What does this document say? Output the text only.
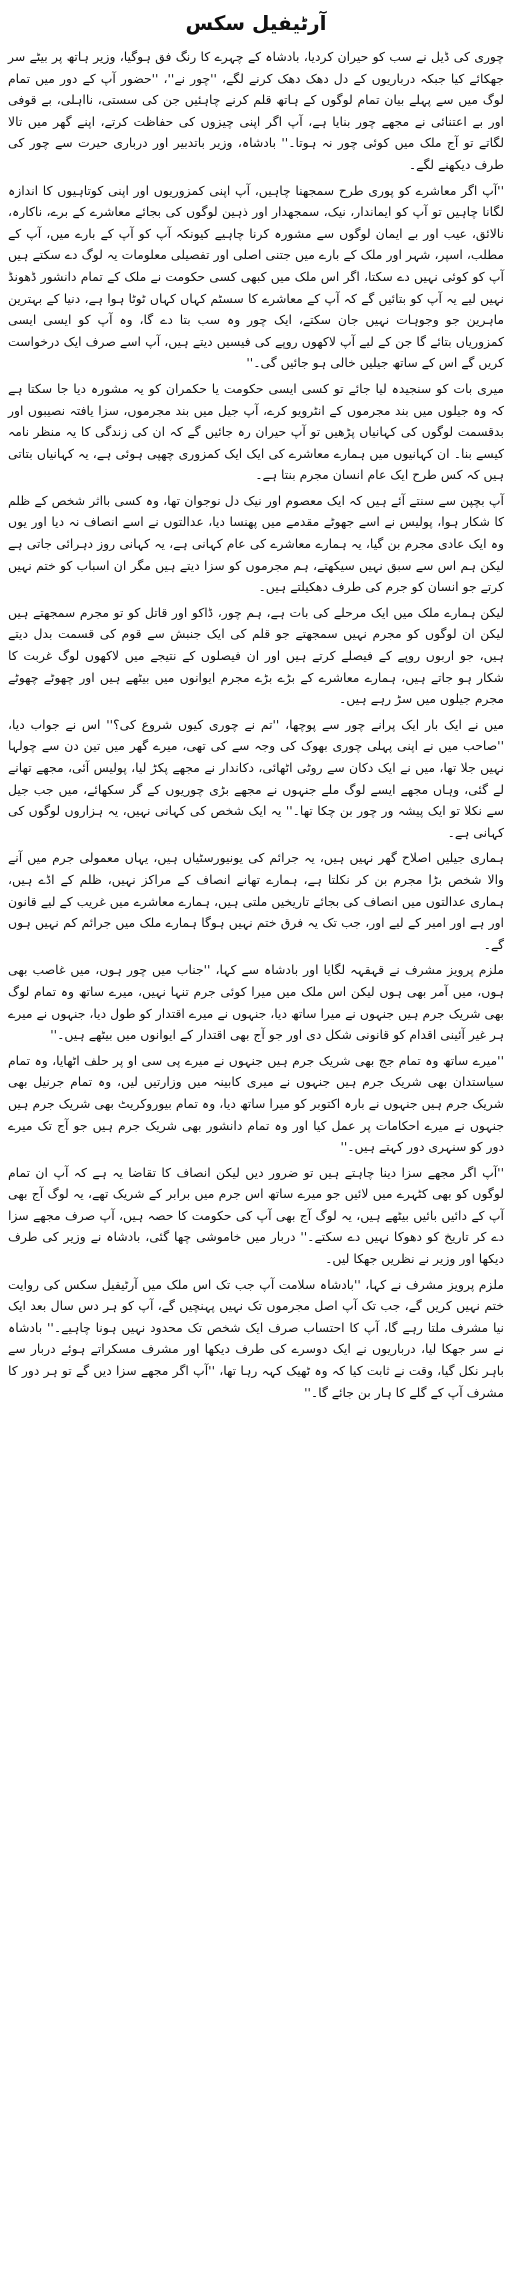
آرٹیفیل سکس
چوری کی ڈیل نے سب کو حیران کردیا، بادشاہ کے چہرے کا رنگ فق ہوگیا، وزیر ہاتھ پر بیٹے سر جھکائے کیا جبکہ درباریوں کے دل دھک دھک کرنے لگے، ''چور نے''، ''حضور آپ کے دور میں تمام لوگ میں سے پہلے بیان تمام لوگوں کے ہاتھ قلم کرنے چاہئیں جن کی سستی، نااہلی، بے قوفی اور بے اعتنائی نے مجھے چور بنایا ہے، آپ اگر اپنی چیزوں کی حفاظت کرتے، اپنے گھر میں تالا لگاتے تو آج ملک میں کوئی چور نہ ہوتا۔'' بادشاہ، وزیر باتدبیر اور درباری حیرت سے چور کی طرف دیکھنے لگے۔
''آپ اگر معاشرے کو پوری طرح سمجھنا چاہیں، آپ اپنی کمزوریوں اور اپنی کوتاہیوں کا اندازہ لگانا چاہیں تو آپ کو ایماندار، نیک، سمجھدار اور ذہین لوگوں کی بجائے معاشرے کے برے، ناکارہ، نالائق، عیب اور بے ایمان لوگوں سے مشورہ کرنا چاہیے کیونکہ آپ کو آپ کے بارے میں، آپ کے مطلب، اسپر، شہر اور ملک کے بارے میں جتنی اصلی اور تفصیلی معلومات یہ لوگ دے سکتے ہیں آپ کو کوئی نہیں دے سکتا، اگر اس ملک میں کبھی کسی حکومت نے ملک کے تمام دانشور ڈھونڈ نہیں لیے یہ آپ کو بتائیں گے کہ آپ کے معاشرے کا سسٹم کہاں کہاں ٹوٹا ہوا ہے، دنیا کے بہترین ماہرین جو وجوہات نہیں جان سکتے، ایک چور وہ سب بتا دے گا، وہ آپ کو ایسی ایسی کمزوریاں بتائے گا جن کے لیے آپ لاکھوں روپے کی فیسیں دیتے ہیں، آپ اسے صرف ایک درخواست کریں گے اس کے ساتھ جیلیں خالی ہو جائیں گی۔''
میری بات کو سنجیدہ لیا جائے تو کسی ایسی حکومت یا حکمران کو یہ مشورہ دیا جا سکتا ہے کہ وہ جیلوں میں بند مجرموں کے انٹرویو کرے، آپ جیل میں بند مجرموں، سزا یافتہ نصیبوں اور بدقسمت لوگوں کی کہانیاں پڑھیں تو آپ حیران رہ جائیں گے کہ ان کی زندگی کا یہ منظر نامہ کیسے بنا۔ ان کہانیوں میں ہمارے معاشرے کی ایک ایک کمزوری چھپی ہوئی ہے، یہ کہانیاں بتاتی ہیں کہ کس طرح ایک عام انسان مجرم بنتا ہے۔
آپ بچپن سے سنتے آئے ہیں کہ ایک معصوم اور نیک دل نوجوان تھا، وہ کسی بااثر شخص کے ظلم کا شکار ہوا، پولیس نے اسے جھوٹے مقدمے میں پھنسا دیا، عدالتوں نے اسے انصاف نہ دیا اور یوں وہ ایک عادی مجرم بن گیا، یہ ہمارے معاشرے کی عام کہانی ہے، یہ کہانی روز دہرائی جاتی ہے لیکن ہم اس سے سبق نہیں سیکھتے، ہم مجرموں کو سزا دیتے ہیں مگر ان اسباب کو ختم نہیں کرتے جو انسان کو جرم کی طرف دھکیلتے ہیں۔
لیکن ہمارے ملک میں ایک مرحلے کی بات ہے، ہم چور، ڈاکو اور قاتل کو تو مجرم سمجھتے ہیں لیکن ان لوگوں کو مجرم نہیں سمجھتے جو قلم کی ایک جنبش سے قوم کی قسمت بدل دیتے ہیں، جو اربوں روپے کے فیصلے کرتے ہیں اور ان فیصلوں کے نتیجے میں لاکھوں لوگ غربت کا شکار ہو جاتے ہیں، ہمارے معاشرے کے بڑے بڑے مجرم ایوانوں میں بیٹھے ہیں اور چھوٹے چھوٹے مجرم جیلوں میں سڑ رہے ہیں۔
میں نے ایک بار ایک پرانے چور سے پوچھا، ''تم نے چوری کیوں شروع کی؟'' اس نے جواب دیا، ''صاحب میں نے اپنی پہلی چوری بھوک کی وجہ سے کی تھی، میرے گھر میں تین دن سے چولہا نہیں جلا تھا، میں نے ایک دکان سے روٹی اٹھائی، دکاندار نے مجھے پکڑ لیا، پولیس آئی، مجھے تھانے لے گئی، وہاں مجھے ایسے لوگ ملے جنہوں نے مجھے بڑی چوریوں کے گر سکھائے، میں جب جیل سے نکلا تو ایک پیشہ ور چور بن چکا تھا۔'' یہ ایک شخص کی کہانی نہیں، یہ ہزاروں لوگوں کی کہانی ہے۔
ہماری جیلیں اصلاح گھر نہیں ہیں، یہ جرائم کی یونیورسٹیاں ہیں، یہاں معمولی جرم میں آنے والا شخص بڑا مجرم بن کر نکلتا ہے، ہمارے تھانے انصاف کے مراکز نہیں، ظلم کے اڈے ہیں، ہماری عدالتوں میں انصاف کی بجائے تاریخیں ملتی ہیں، ہمارے معاشرے میں غریب کے لیے قانون اور ہے اور امیر کے لیے اور، جب تک یہ فرق ختم نہیں ہوگا ہمارے ملک میں جرائم کم نہیں ہوں گے۔
ملزم پرویز مشرف نے قہقہہ لگایا اور بادشاہ سے کہا، ''جناب میں چور ہوں، میں غاصب بھی ہوں، میں آمر بھی ہوں لیکن اس ملک میں میرا کوئی جرم تنہا نہیں، میرے ساتھ وہ تمام لوگ بھی شریک جرم ہیں جنہوں نے میرا ساتھ دیا، جنہوں نے میرے اقتدار کو طول دیا، جنہوں نے میرے ہر غیر آئینی اقدام کو قانونی شکل دی اور جو آج بھی اقتدار کے ایوانوں میں بیٹھے ہیں۔''
''میرے ساتھ وہ تمام جج بھی شریک جرم ہیں جنہوں نے میرے پی سی او پر حلف اٹھایا، وہ تمام سیاستدان بھی شریک جرم ہیں جنہوں نے میری کابینہ میں وزارتیں لیں، وہ تمام جرنیل بھی شریک جرم ہیں جنہوں نے بارہ اکتوبر کو میرا ساتھ دیا، وہ تمام بیوروکریٹ بھی شریک جرم ہیں جنہوں نے میرے احکامات پر عمل کیا اور وہ تمام دانشور بھی شریک جرم ہیں جو آج تک میرے دور کو سنہری دور کہتے ہیں۔''
''آپ اگر مجھے سزا دینا چاہتے ہیں تو ضرور دیں لیکن انصاف کا تقاضا یہ ہے کہ آپ ان تمام لوگوں کو بھی کٹہرے میں لائیں جو میرے ساتھ اس جرم میں برابر کے شریک تھے، یہ لوگ آج بھی آپ کے دائیں بائیں بیٹھے ہیں، یہ لوگ آج بھی آپ کی حکومت کا حصہ ہیں، آپ صرف مجھے سزا دے کر تاریخ کو دھوکا نہیں دے سکتے۔'' دربار میں خاموشی چھا گئی، بادشاہ نے وزیر کی طرف دیکھا اور وزیر نے نظریں جھکا لیں۔
ملزم پرویز مشرف نے کہا، ''بادشاہ سلامت آپ جب تک اس ملک میں آرٹیفیل سکس کی روایت ختم نہیں کریں گے، جب تک آپ اصل مجرموں تک نہیں پہنچیں گے، آپ کو ہر دس سال بعد ایک نیا مشرف ملتا رہے گا، آپ کا احتساب صرف ایک شخص تک محدود نہیں ہونا چاہیے۔'' بادشاہ نے سر جھکا لیا، درباریوں نے ایک دوسرے کی طرف دیکھا اور مشرف مسکراتے ہوئے دربار سے باہر نکل گیا، وقت نے ثابت کیا کہ وہ ٹھیک کہہ رہا تھا، ''آپ اگر مجھے سزا دیں گے تو ہر دور کا مشرف آپ کے گلے کا ہار بن جائے گا۔''
